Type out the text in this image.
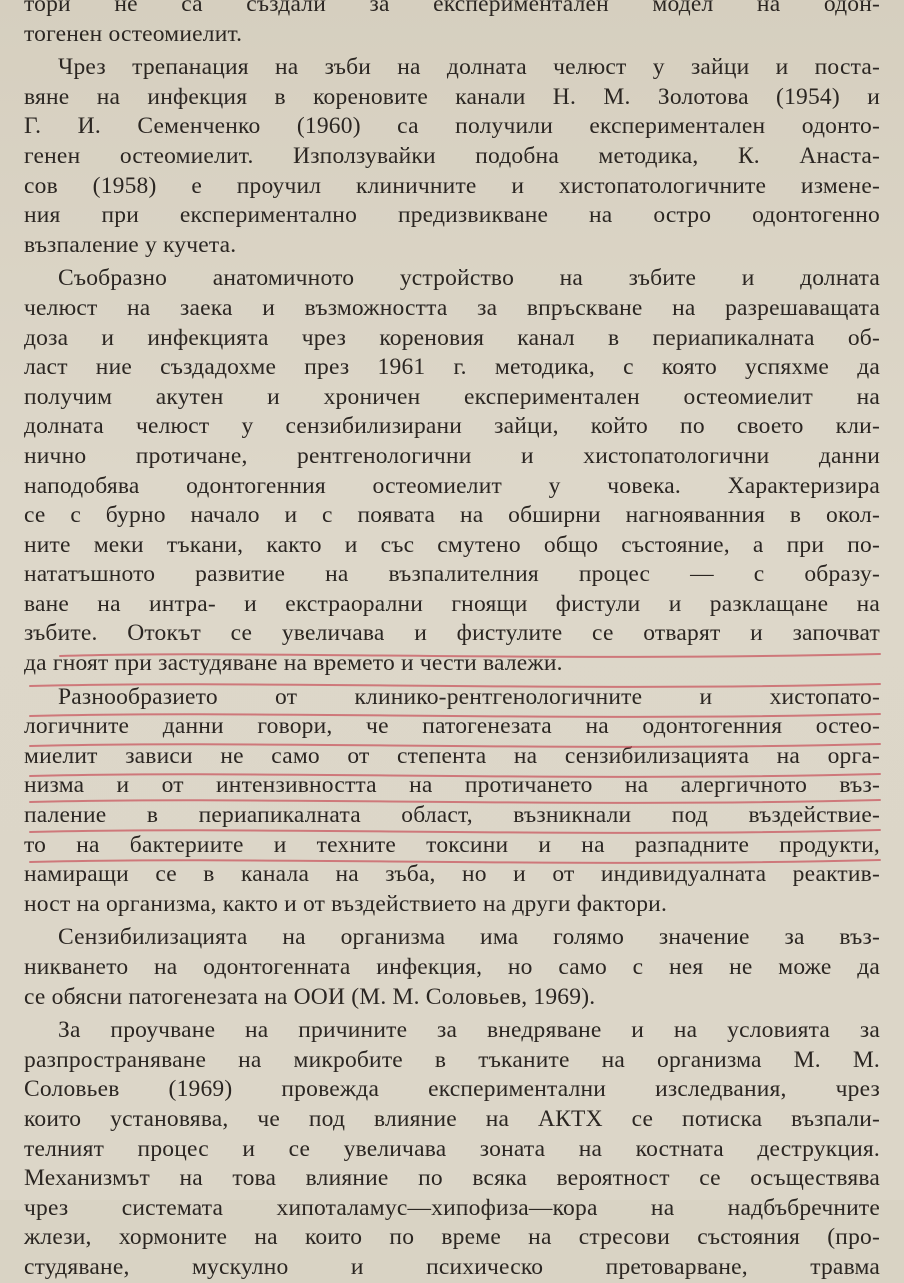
тори не са създали за експериментален модел на одон-
тогенен остеомиелит.
Чрез трепанация на зъби на долната челюст у зайци и поста-
вяне на инфекция в кореновите канали Н. М. Золотова (1954) и
Г. И. Семенченко (1960) са получили експериментален одонто-
генен остеомиелит. Използувайки подобна методика, К. Анаста-
сов (1958) е проучил клиничните и хистопатологичните измене-
ния при експериментално предизвикване на остро одонтогенно
възпаление у кучета.
Съобразно анатомичното устройство на зъбите и долната
челюст на заека и възможността за впръскване на разрешаващата
доза и инфекцията чрез кореновия канал в периапикалната об-
ласт ние създадохме през 1961 г. методика, с която успяхме да
получим акутен и хроничен експериментален остеомиелит на
долната челюст у сензибилизирани зайци, който по своето кли-
нично протичане, рентгенологични и хистопатологични данни
наподобява одонтогенния остеомиелит у човека. Характеризира
се с бурно начало и с появата на обширни нагнояванния в окол-
ните меки тъкани, както и със смутено общо състояние, а при по-
нататъшното развитие на възпалителния процес — с образу-
ване на интра- и екстраорални гноящи фистули и разклащане на
зъбите. Отокът се увеличава и фистулите се отварят и започват
да гноят при застудяване на времето и чести валежи.
Разнообразието от клинико-рентгенологичните и хистопато-
логичните данни говори, че патогенезата на одонтогенния остео-
миелит зависи не само от степента на сензибилизацията на орга-
низма и от интензивността на протичането на алергичното въз-
паление в периапикалната област, възникнали под въздействие-
то на бактериите и техните токсини и на разпадните продукти,
намиращи се в канала на зъба, но и от индивидуалната реактив-
ност на организма, както и от въздействието на други фактори.
Сензибилизацията на организма има голямо значение за въз-
никването на одонтогенната инфекция, но само с нея не може да
се обясни патогенезата на ООИ (М. М. Соловьев, 1969).
За проучване на причините за внедряване и на условията за
разпространяване на микробите в тъканите на организма М. М.
Соловьев (1969) провежда експериментални изследвания, чрез
които установява, че под влияние на АКТХ се потиска възпали-
телният процес и се увеличава зоната на костната деструкция.
Механизмът на това влияние по всяка вероятност се осъществява
чрез системата хипоталамус—хипофиза—кора на надбъбречните
жлези, хормоните на които по време на стресови състояния (про-
студяване, мускулно и психическо претоварване, травма
